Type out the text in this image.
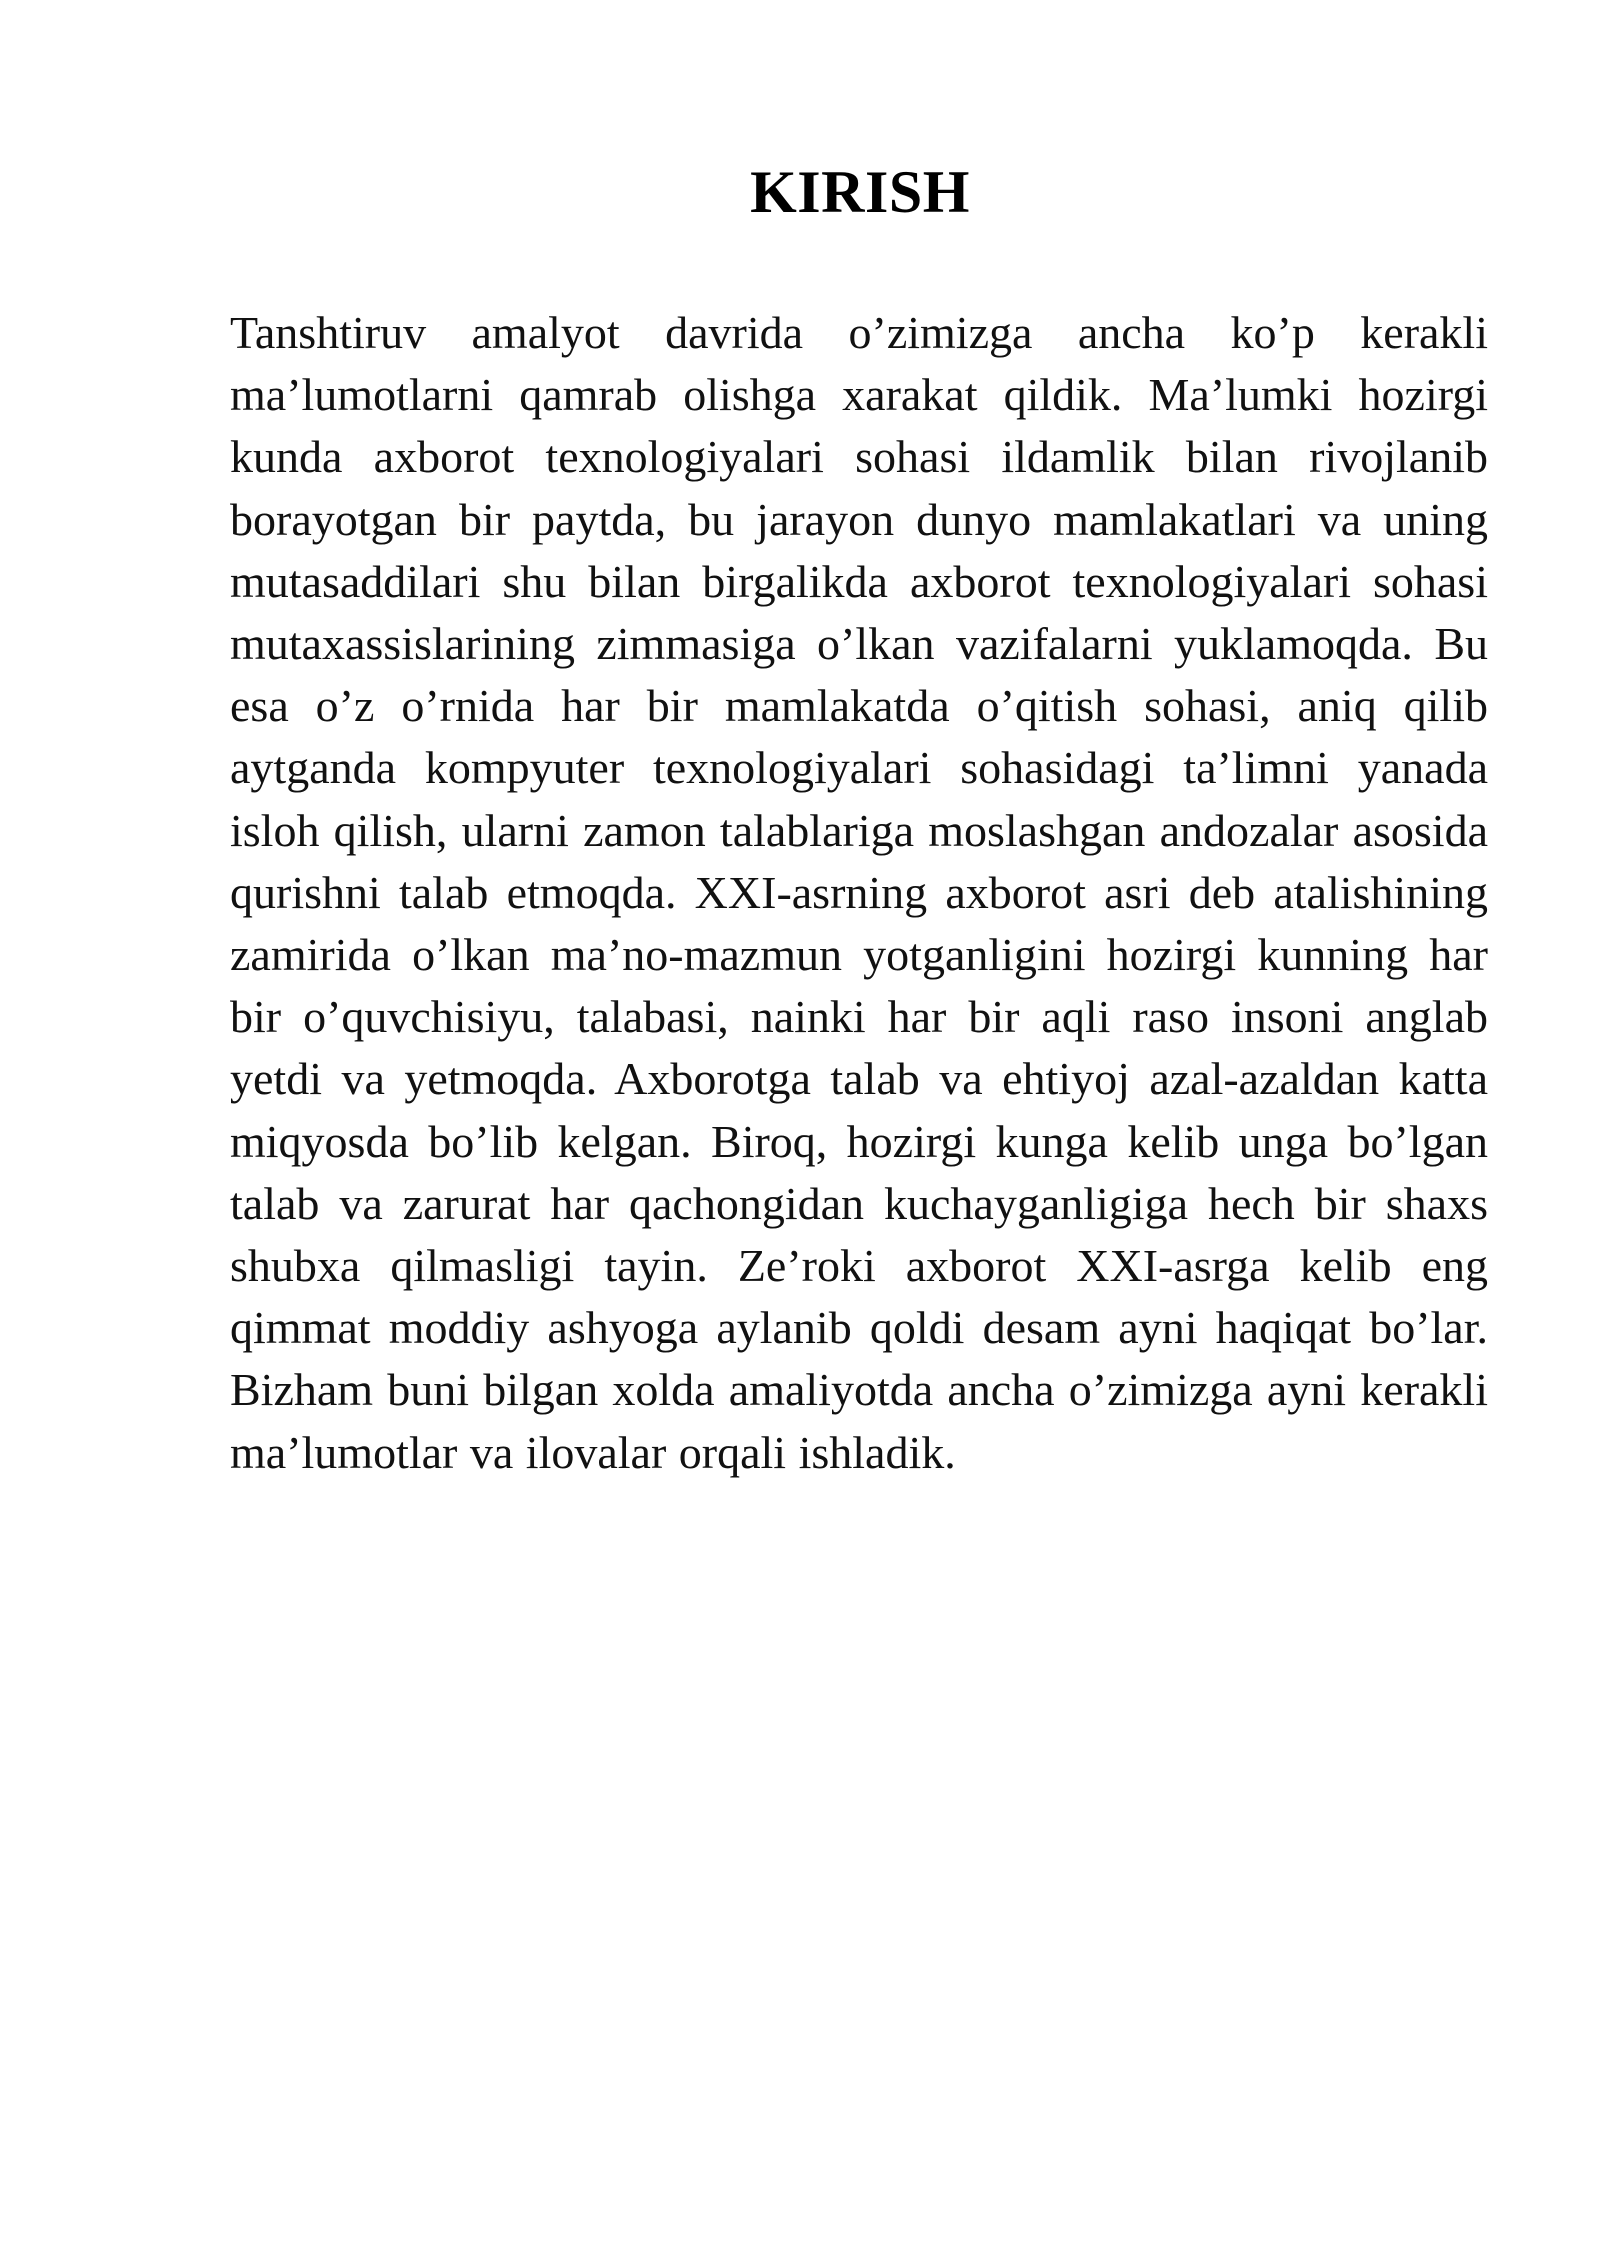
KIRISH

Tanshtiruv amalyot davrida o’zimizga ancha ko’p kerakli ma’lumotlarni qamrab olishga xarakat qildik. Ma’lumki hozirgi kunda axborot texnologiyalari sohasi ildamlik bilan rivojlanib borayotgan bir paytda, bu jarayon dunyo mamlakatlari va uning mutasaddilari shu bilan birgalikda axborot texnologiyalari sohasi mutaxassislarining zimmasiga o’lkan vazifalarni yuklamoqda. Bu esa o’z o’rnida har bir mamlakatda o’qitish sohasi, aniq qilib aytganda kompyuter texnologiyalari sohasidagi ta’limni yanada isloh qilish, ularni zamon talablariga moslashgan andozalar asosida qurishni talab etmoqda. XXI-asrning axborot asri deb atalishining zamirida o’lkan ma’no-mazmun yotganligini hozirgi kunning har bir o’quvchisiyu, talabasi, nainki har bir aqli raso insoni anglab yetdi va yetmoqda. Axborotga talab va ehtiyoj azal-azaldan katta miqyosda bo’lib kelgan. Biroq, hozirgi kunga kelib unga bo’lgan talab va zarurat har qachongidan kuchayganligiga hech bir shaxs shubxa qilmasligi tayin. Ze’roki axborot XXI-asrga kelib eng qimmat moddiy ashyoga aylanib qoldi desam ayni haqiqat bo’lar. Bizham buni bilgan xolda amaliyotda ancha o’zimizga ayni kerakli ma’lumotlar va ilovalar orqali ishladik.
